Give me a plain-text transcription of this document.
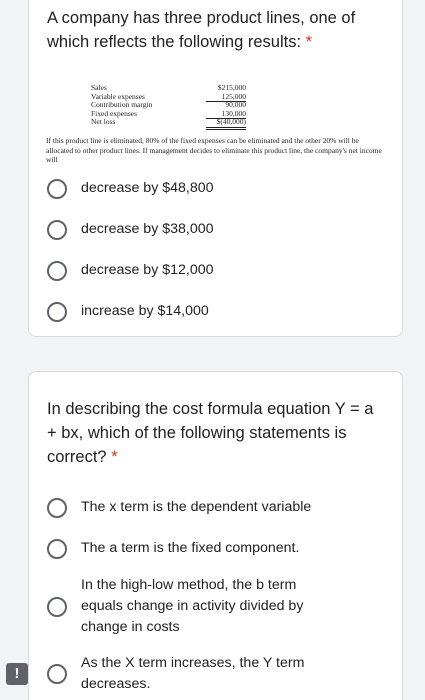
A company has three product lines, one of which reflects the following results: *
Sales	$215,000
Variable expenses	125,000
Contribution margin	90,000
Fixed expenses	130,000
Net loss	$(40,000)
If this product line is eliminated, 80% of the fixed expenses can be eliminated and the other 20% will be allocated to other product lines. If management decides to eliminate this product line, the company's net income will
decrease by $48,800
decrease by $38,000
decrease by $12,000
increase by $14,000
In describing the cost formula equation Y = a + bx, which of the following statements is correct? *
The x term is the dependent variable
The a term is the fixed component.
In the high-low method, the b term equals change in activity divided by change in costs
As the X term increases, the Y term decreases.
!
